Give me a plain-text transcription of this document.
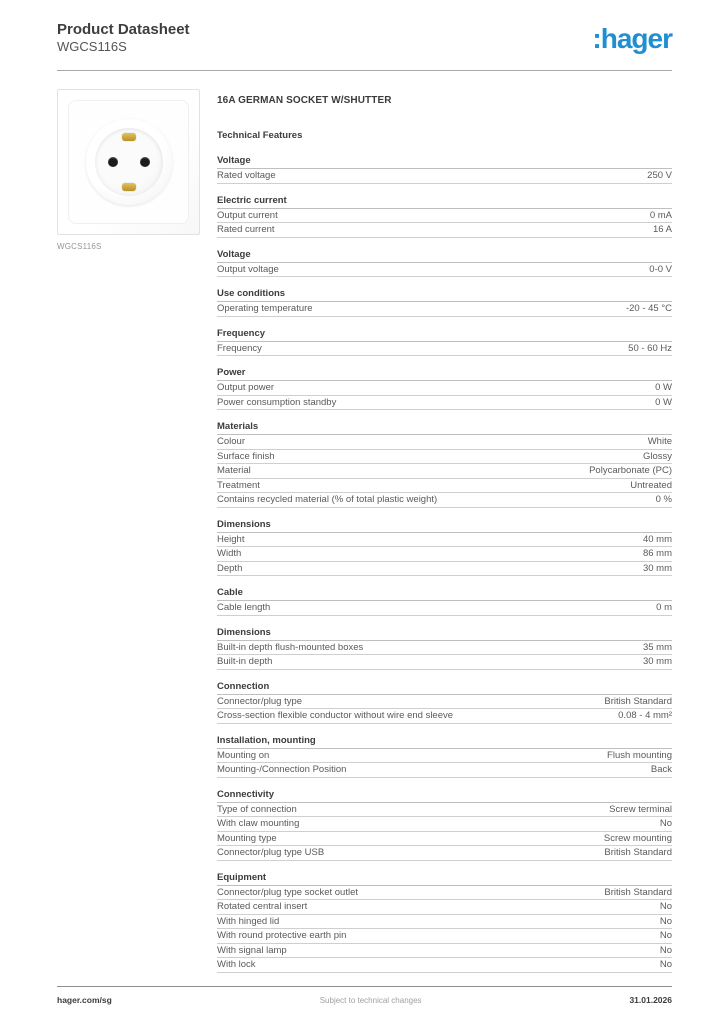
Product Datasheet
WGCS116S	:hager
WGCS116S
16A GERMAN SOCKET W/SHUTTER
Technical Features
Voltage
Rated voltage	250 V
Electric current
Output current	0 mA
Rated current	16 A
Voltage
Output voltage	0-0 V
Use conditions
Operating temperature	-20 - 45 °C
Frequency
Frequency	50 - 60 Hz
Power
Output power	0 W
Power consumption standby	0 W
Materials
Colour	White
Surface finish	Glossy
Material	Polycarbonate (PC)
Treatment	Untreated
Contains recycled material (% of total plastic weight)	0 %
Dimensions
Height	40 mm
Width	86 mm
Depth	30 mm
Cable
Cable length	0 m
Dimensions
Built-in depth flush-mounted boxes	35 mm
Built-in depth	30 mm
Connection
Connector/plug type	British Standard
Cross-section flexible conductor without wire end sleeve	0.08 - 4 mm²
Installation, mounting
Mounting on	Flush mounting
Mounting-/Connection Position	Back
Connectivity
Type of connection	Screw terminal
With claw mounting	No
Mounting type	Screw mounting
Connector/plug type USB	British Standard
Equipment
Connector/plug type socket outlet	British Standard
Rotated central insert	No
With hinged lid	No
With round protective earth pin	No
With signal lamp	No
With lock	No
hager.com/sg	Subject to technical changes	31.01.2026
